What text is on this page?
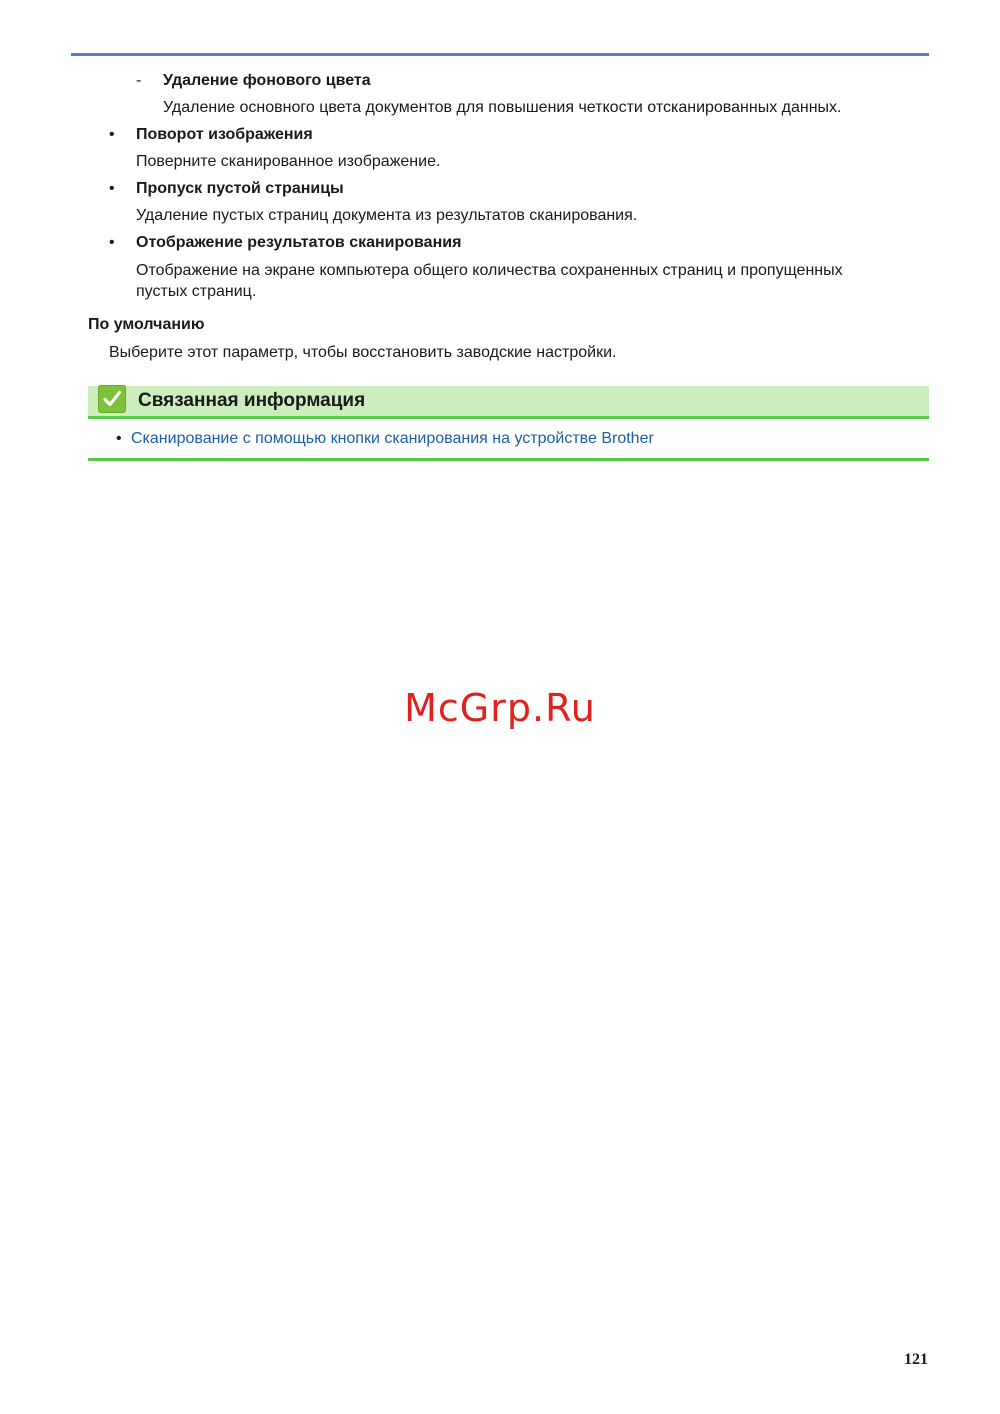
- Удаление фонового цвета
Удаление основного цвета документов для повышения четкости отсканированных данных.
• Поворот изображения
Поверните сканированное изображение.
• Пропуск пустой страницы
Удаление пустых страниц документа из результатов сканирования.
• Отображение результатов сканирования
Отображение на экране компьютера общего количества сохраненных страниц и пропущенных
пустых страниц.
По умолчанию
Выберите этот параметр, чтобы восстановить заводские настройки.
Связанная информация
• Сканирование с помощью кнопки сканирования на устройстве Brother
McGrp.Ru
121
